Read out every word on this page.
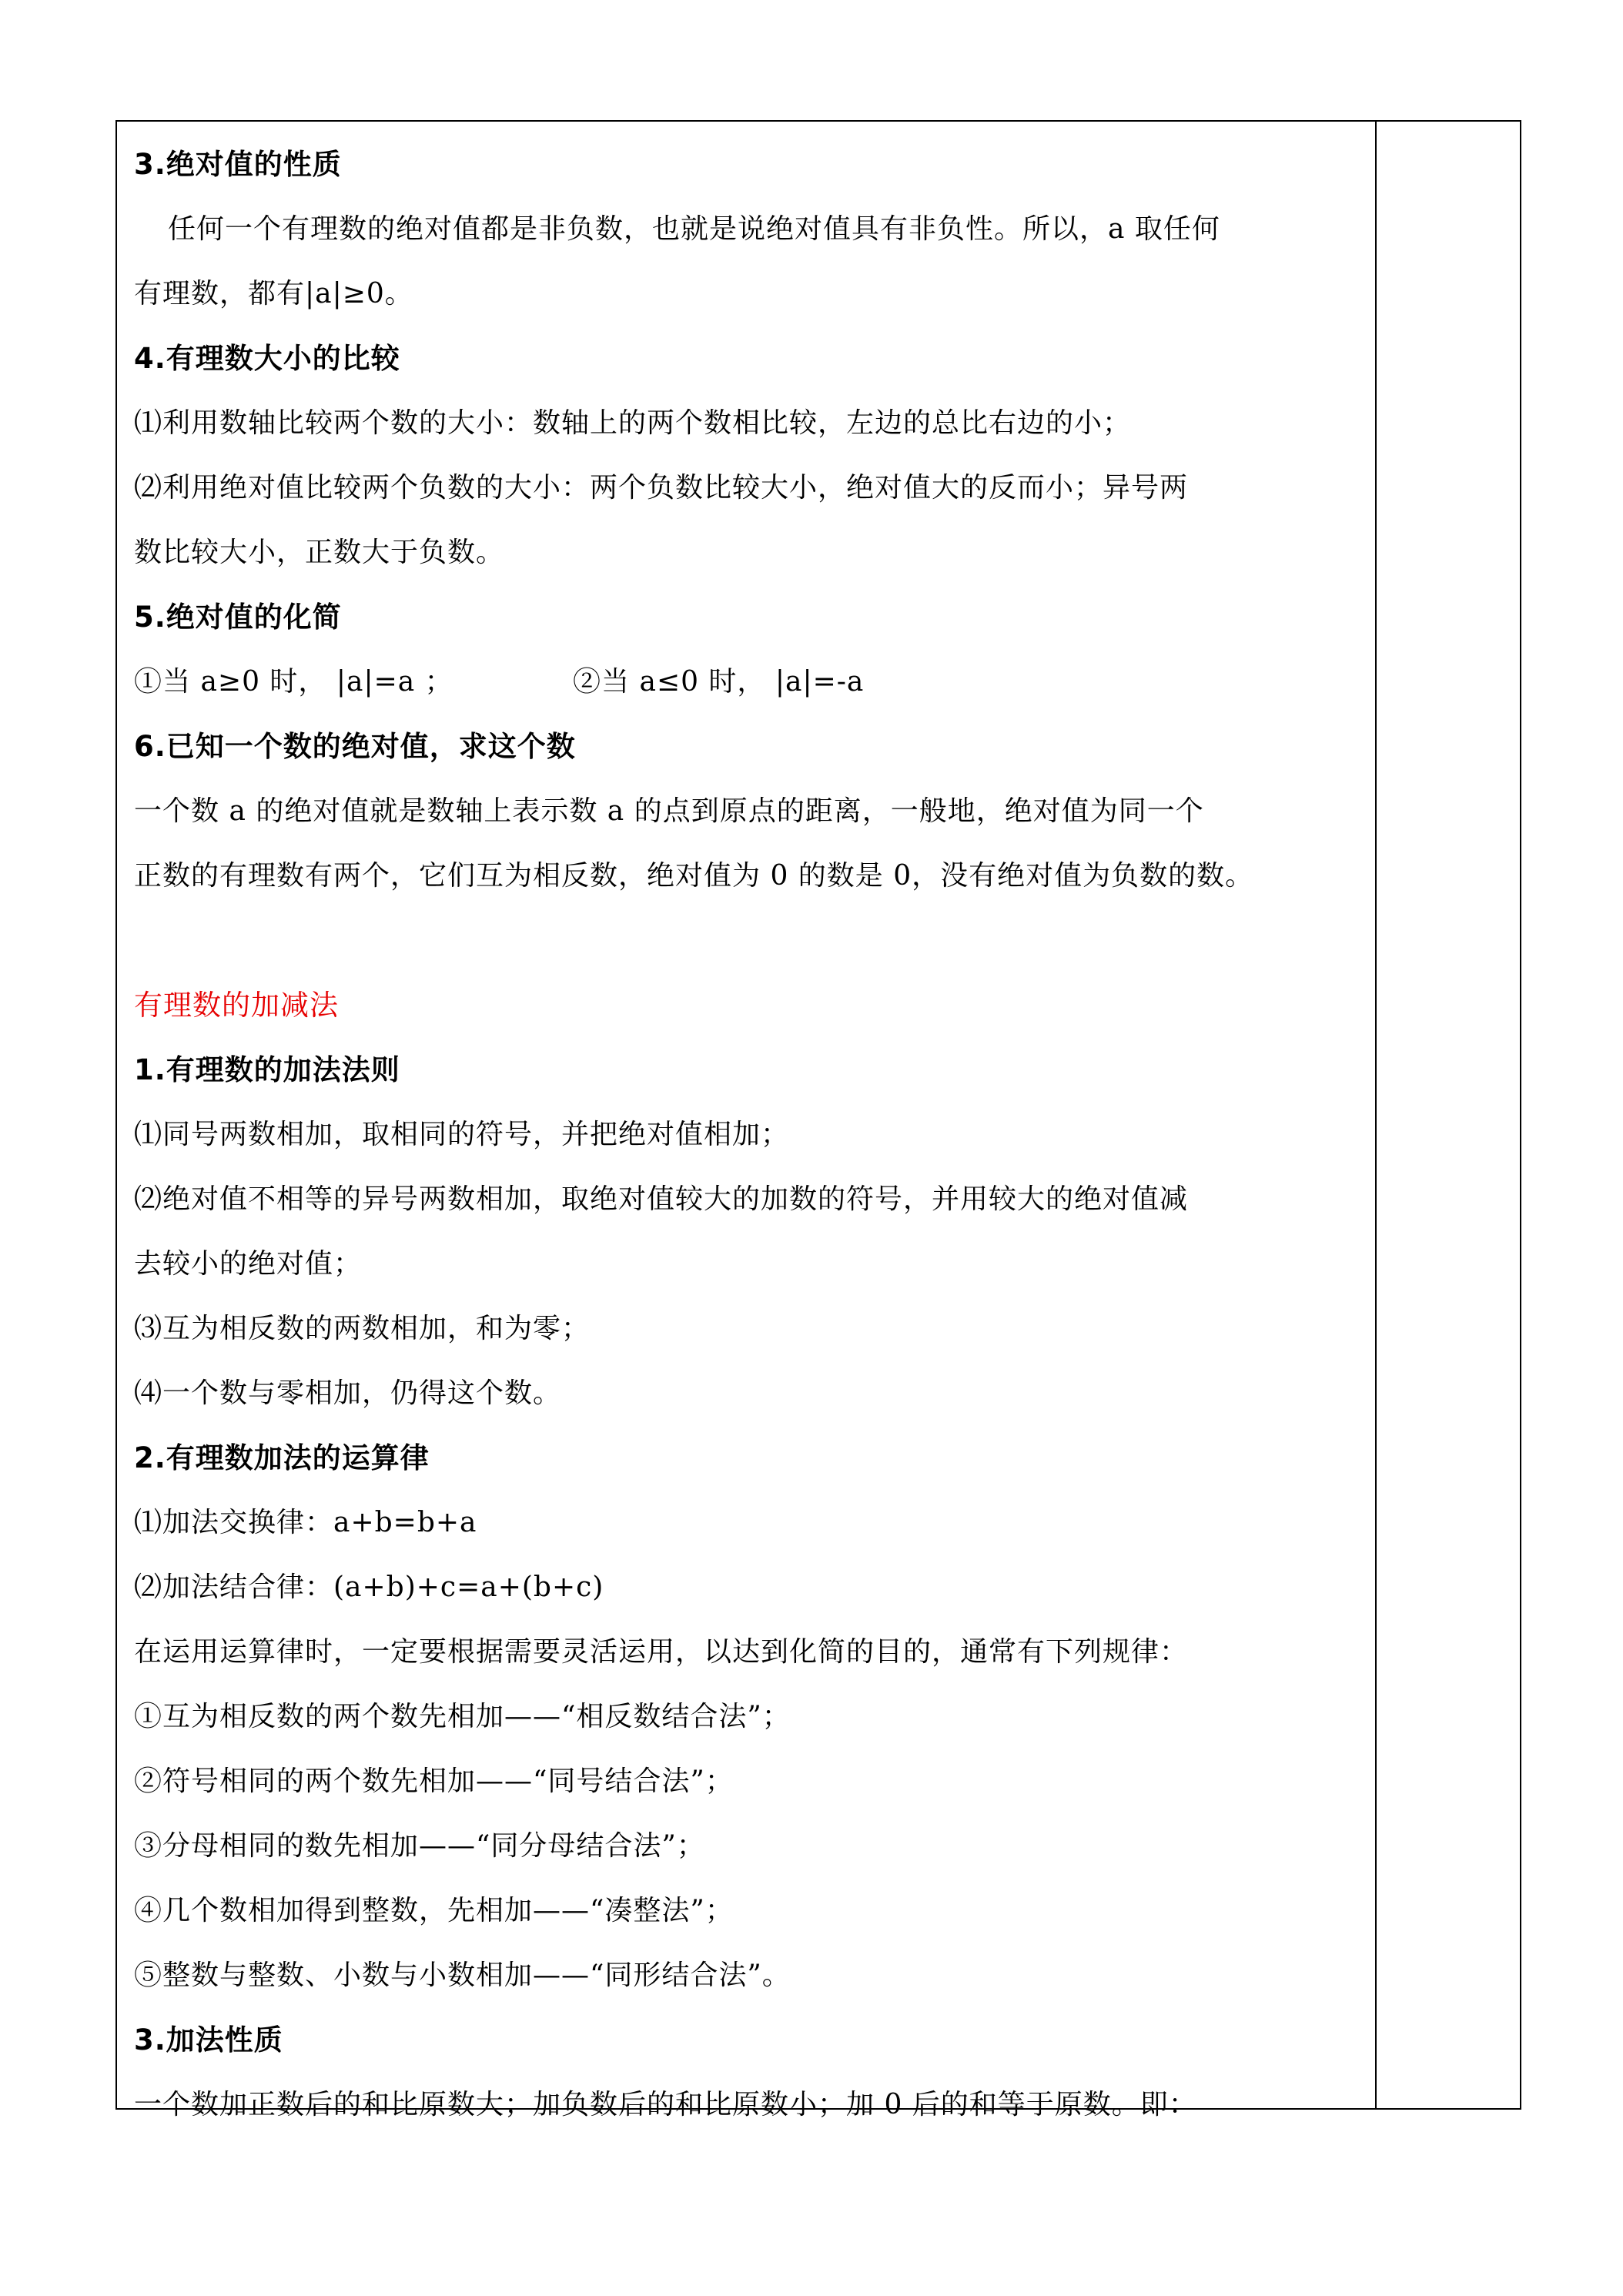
3.绝对值的性质
任何一个有理数的绝对值都是非负数，也就是说绝对值具有非负性。所以，a 取任何
有理数，都有|a|≥0。
4.有理数大小的比较
⑴利用数轴比较两个数的大小：数轴上的两个数相比较，左边的总比右边的小；
⑵利用绝对值比较两个负数的大小：两个负数比较大小，绝对值大的反而小；异号两
数比较大小，正数大于负数。
5.绝对值的化简
①当 a≥0 时， |a|=a ；	②当 a≤0 时， |a|=-a
6.已知一个数的绝对值，求这个数
一个数 a 的绝对值就是数轴上表示数 a 的点到原点的距离，一般地，绝对值为同一个
正数的有理数有两个，它们互为相反数，绝对值为 0 的数是 0，没有绝对值为负数的数。
有理数的加减法
1.有理数的加法法则
⑴同号两数相加，取相同的符号，并把绝对值相加；
⑵绝对值不相等的异号两数相加，取绝对值较大的加数的符号，并用较大的绝对值减
去较小的绝对值；
⑶互为相反数的两数相加，和为零；
⑷一个数与零相加，仍得这个数。
2.有理数加法的运算律
⑴加法交换律：a+b=b+a
⑵加法结合律：(a+b)+c=a+(b+c)
在运用运算律时，一定要根据需要灵活运用，以达到化简的目的，通常有下列规律：
①互为相反数的两个数先相加——“相反数结合法”；
②符号相同的两个数先相加——“同号结合法”；
③分母相同的数先相加——“同分母结合法”；
④几个数相加得到整数，先相加——“凑整法”；
⑤整数与整数、小数与小数相加——“同形结合法”。
3.加法性质
一个数加正数后的和比原数大；加负数后的和比原数小；加 0 后的和等于原数。即：
